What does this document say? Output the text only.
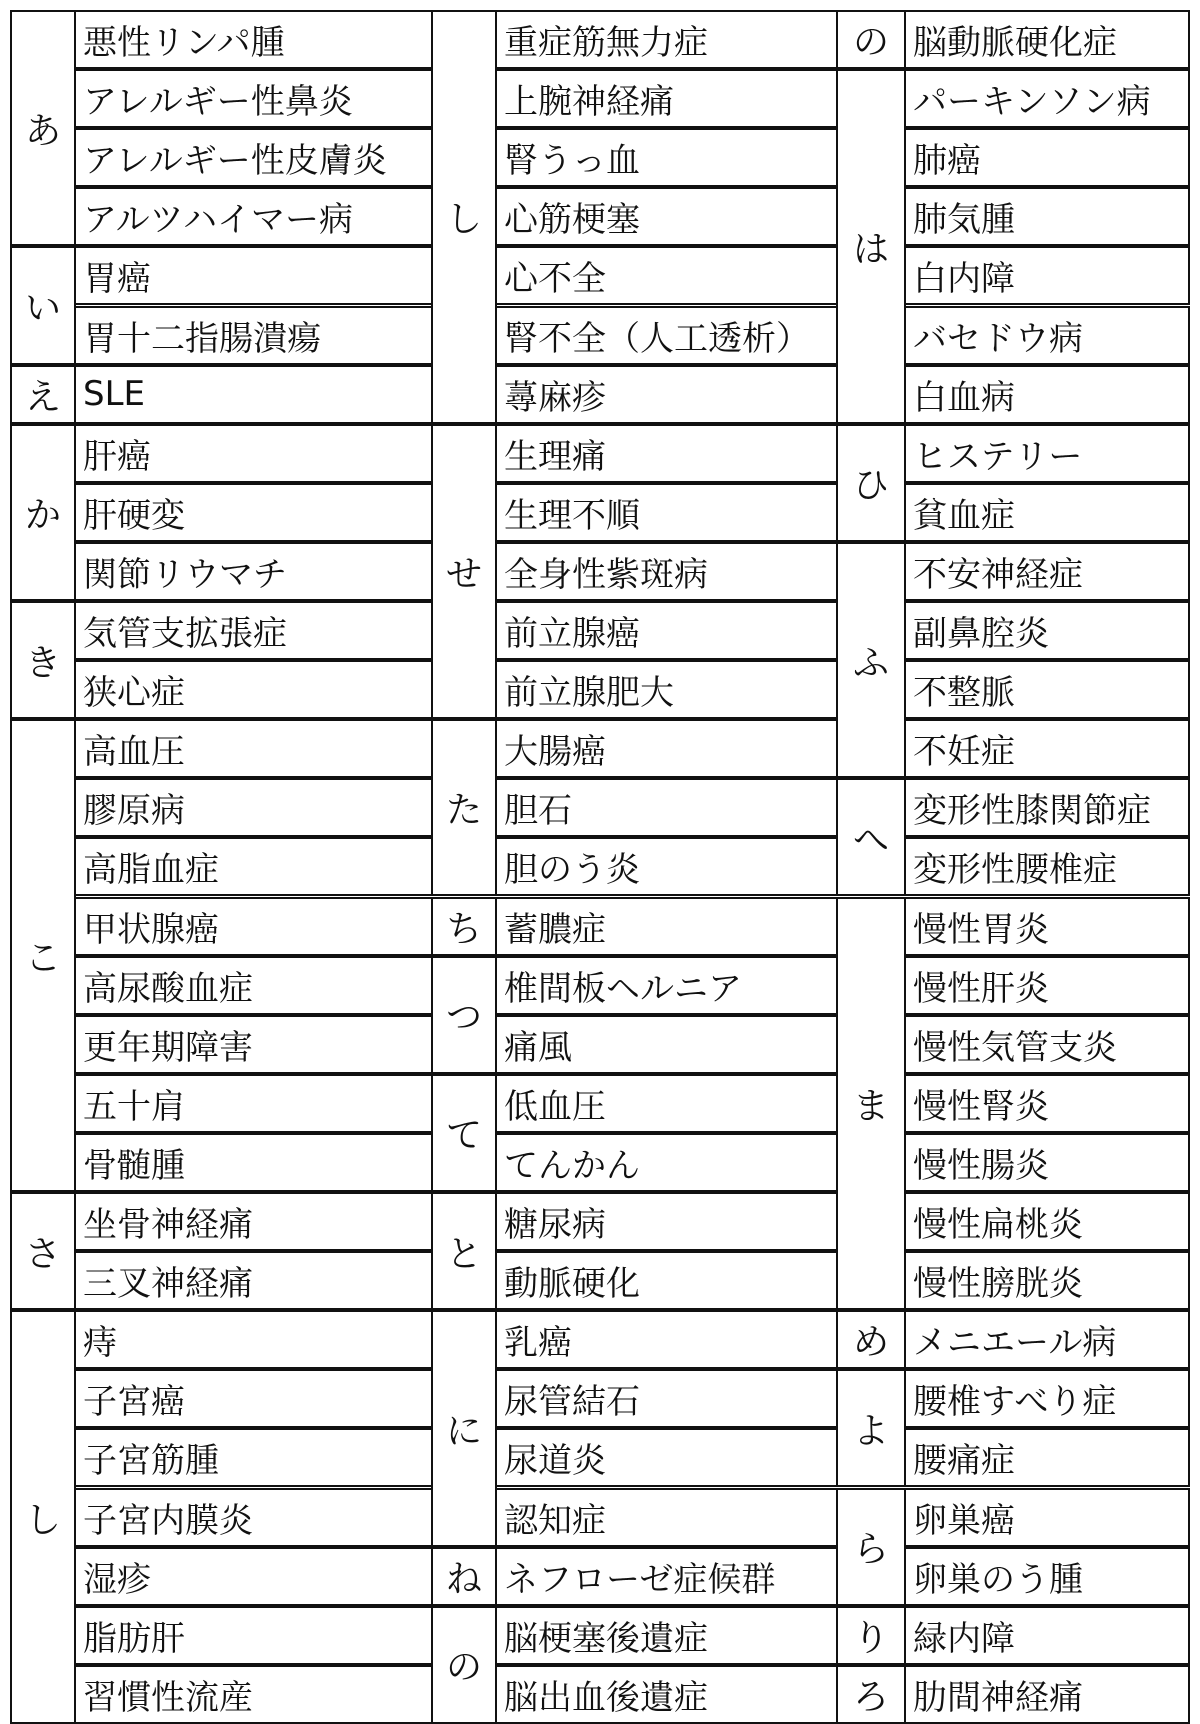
あ
悪性リンパ腫
アレルギー性鼻炎
アレルギー性皮膚炎
アルツハイマー病
い
胃癌
胃十二指腸潰瘍
え SLE
か
肝癌
肝硬変
関節リウマチ
き
気管支拡張症
狭心症
こ
高血圧
膠原病
高脂血症
甲状腺癌
高尿酸血症
更年期障害
五十肩
骨髄腫
さ
坐骨神経痛
三叉神経痛
し
痔
子宮癌
子宮筋腫
子宮内膜炎
湿疹
脂肪肝
習慣性流産
し
重症筋無力症
上腕神経痛
腎うっ血
心筋梗塞
心不全
腎不全（人工透析）
蕁麻疹
せ
生理痛
生理不順
全身性紫斑病
前立腺癌
前立腺肥大
た
大腸癌
胆石
胆のう炎
ち 蓄膿症
つ
椎間板ヘルニア
痛風
て
低血圧
てんかん
と
糖尿病
動脈硬化
に
乳癌
尿管結石
尿道炎
認知症
ね ネフローゼ症候群
の
脳梗塞後遺症
脳出血後遺症
の 脳動脈硬化症
は
パーキンソン病
肺癌
肺気腫
白内障
バセドウ病
白血病
ひ
ヒステリー
貧血症
ふ
不安神経症
副鼻腔炎
不整脈
不妊症
へ
変形性膝関節症
変形性腰椎症
ま
慢性胃炎
慢性肝炎
慢性気管支炎
慢性腎炎
慢性腸炎
慢性扁桃炎
慢性膀胱炎
め メニエール病
よ
腰椎すべり症
腰痛症
ら
卵巣癌
卵巣のう腫
り 緑内障
ろ 肋間神経痛
